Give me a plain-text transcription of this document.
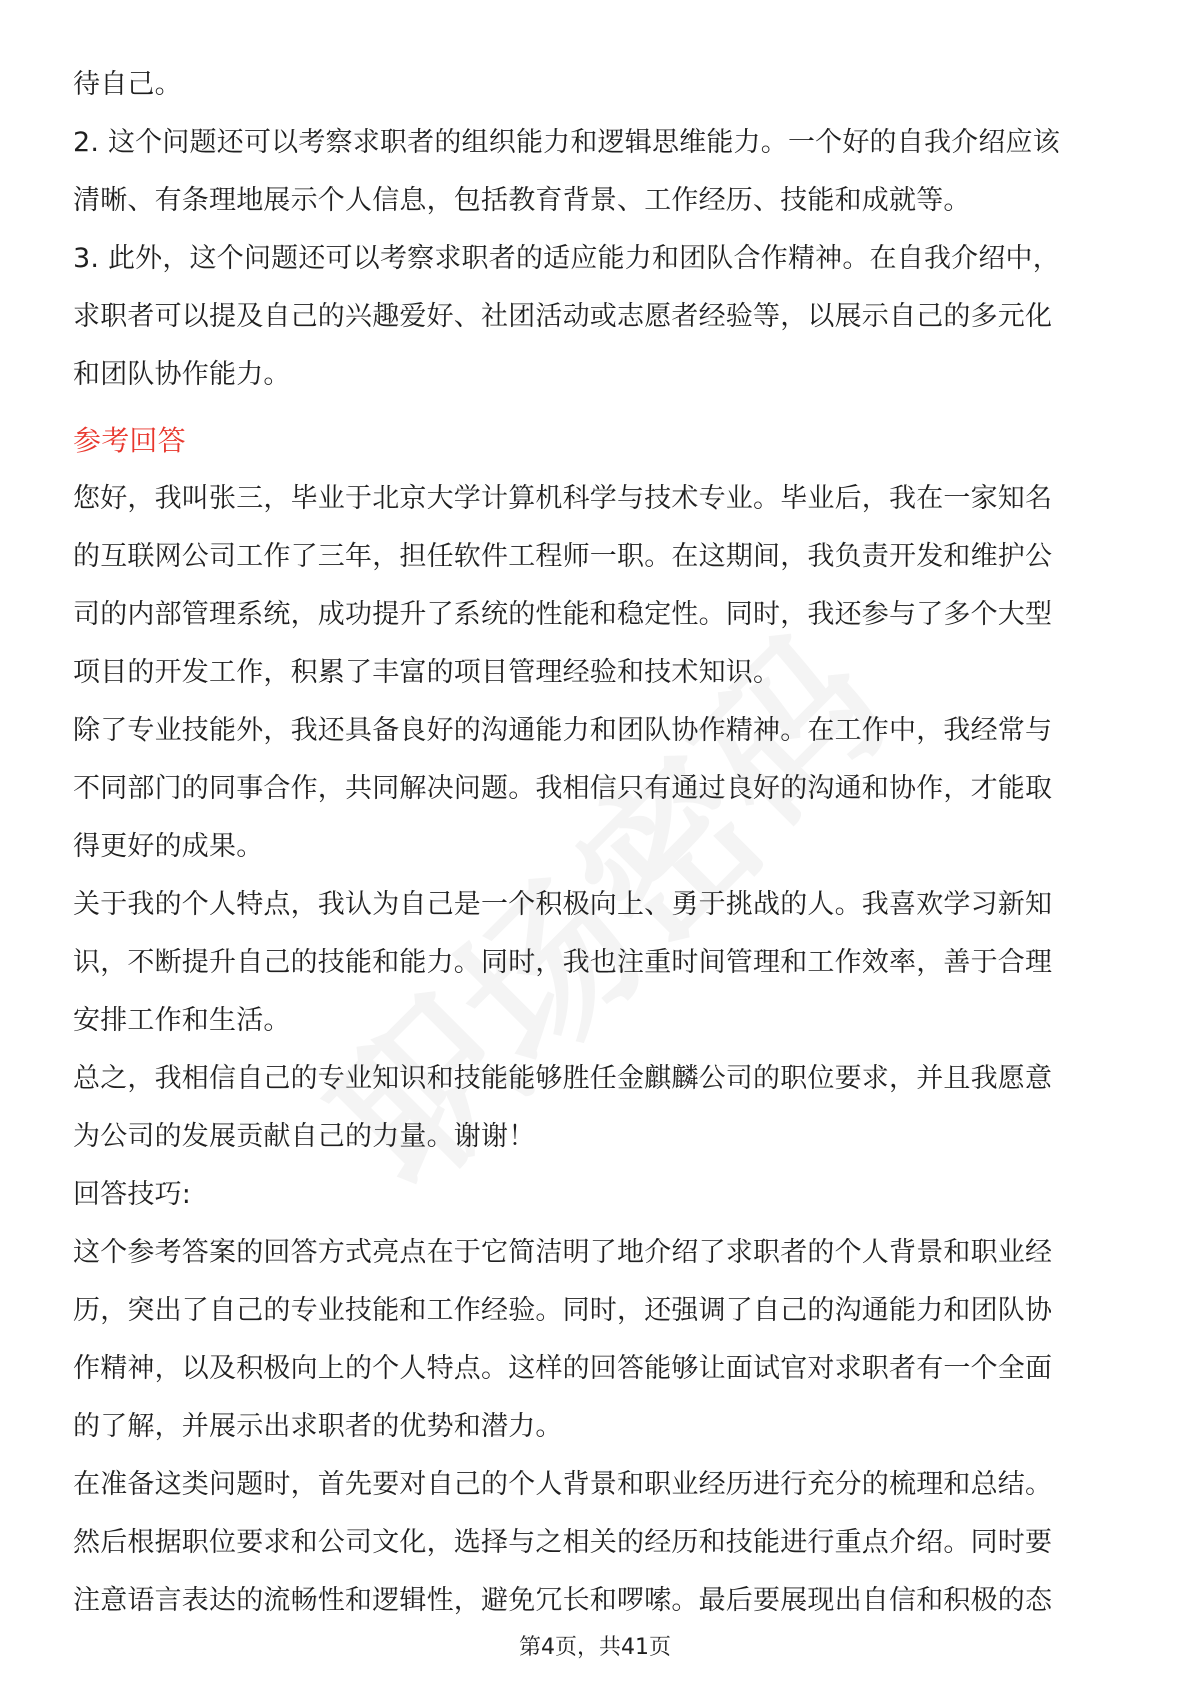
待自己。
2. 这个问题还可以考察求职者的组织能力和逻辑思维能力。一个好的自我介绍应该
清晰、有条理地展示个人信息，包括教育背景、工作经历、技能和成就等。
3. 此外，这个问题还可以考察求职者的适应能力和团队合作精神。在自我介绍中，
求职者可以提及自己的兴趣爱好、社团活动或志愿者经验等，以展示自己的多元化
和团队协作能力。
参考回答
您好，我叫张三，毕业于北京大学计算机科学与技术专业。毕业后，我在一家知名
的互联网公司工作了三年，担任软件工程师一职。在这期间，我负责开发和维护公
司的内部管理系统，成功提升了系统的性能和稳定性。同时，我还参与了多个大型
项目的开发工作，积累了丰富的项目管理经验和技术知识。
除了专业技能外，我还具备良好的沟通能力和团队协作精神。在工作中，我经常与
不同部门的同事合作，共同解决问题。我相信只有通过良好的沟通和协作，才能取
得更好的成果。
关于我的个人特点，我认为自己是一个积极向上、勇于挑战的人。我喜欢学习新知
识，不断提升自己的技能和能力。同时，我也注重时间管理和工作效率，善于合理
安排工作和生活。
总之，我相信自己的专业知识和技能能够胜任金麒麟公司的职位要求，并且我愿意
为公司的发展贡献自己的力量。谢谢！
回答技巧:
这个参考答案的回答方式亮点在于它简洁明了地介绍了求职者的个人背景和职业经
历，突出了自己的专业技能和工作经验。同时，还强调了自己的沟通能力和团队协
作精神，以及积极向上的个人特点。这样的回答能够让面试官对求职者有一个全面
的了解，并展示出求职者的优势和潜力。
在准备这类问题时，首先要对自己的个人背景和职业经历进行充分的梳理和总结。
然后根据职位要求和公司文化，选择与之相关的经历和技能进行重点介绍。同时要
注意语言表达的流畅性和逻辑性，避免冗长和啰嗦。最后要展现出自信和积极的态
第4页，共41页
